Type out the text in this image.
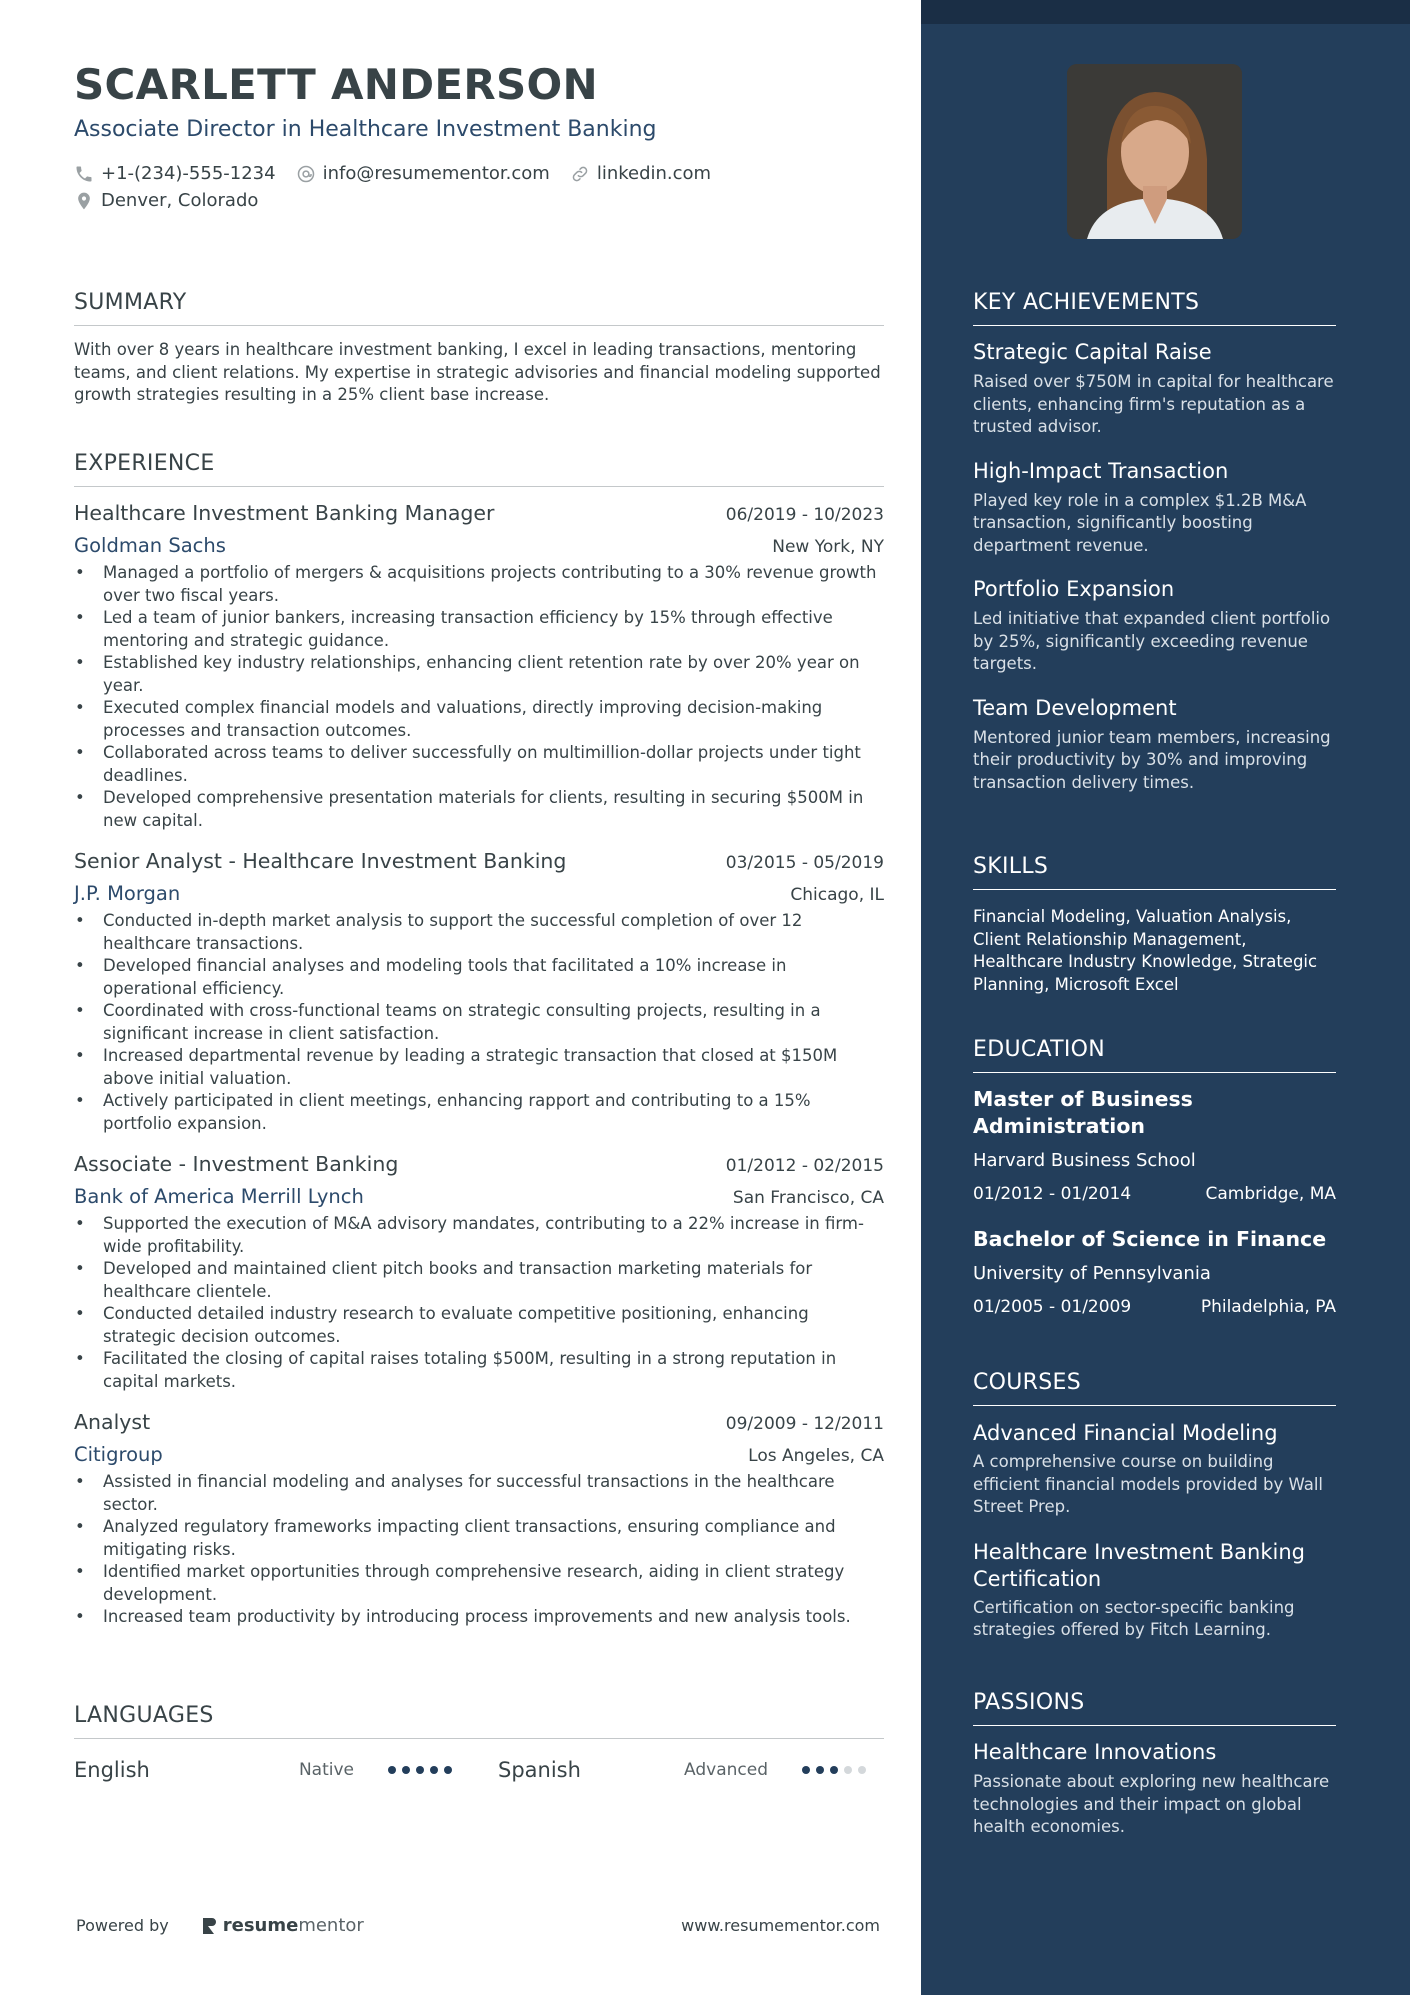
SCARLETT ANDERSON
Associate Director in Healthcare Investment Banking
+1-(234)-555-1234	info@resumementor.com	linkedin.com
Denver, Colorado
SUMMARY
With over 8 years in healthcare investment banking, I excel in leading transactions, mentoring teams, and client relations. My expertise in strategic advisories and financial modeling supported growth strategies resulting in a 25% client base increase.
EXPERIENCE
Healthcare Investment Banking Manager	06/2019 - 10/2023
Goldman Sachs	New York, NY
• Managed a portfolio of mergers & acquisitions projects contributing to a 30% revenue growth over two fiscal years.
• Led a team of junior bankers, increasing transaction efficiency by 15% through effective mentoring and strategic guidance.
• Established key industry relationships, enhancing client retention rate by over 20% year on year.
• Executed complex financial models and valuations, directly improving decision-making processes and transaction outcomes.
• Collaborated across teams to deliver successfully on multimillion-dollar projects under tight deadlines.
• Developed comprehensive presentation materials for clients, resulting in securing $500M in new capital.
Senior Analyst - Healthcare Investment Banking	03/2015 - 05/2019
J.P. Morgan	Chicago, IL
• Conducted in-depth market analysis to support the successful completion of over 12 healthcare transactions.
• Developed financial analyses and modeling tools that facilitated a 10% increase in operational efficiency.
• Coordinated with cross-functional teams on strategic consulting projects, resulting in a significant increase in client satisfaction.
• Increased departmental revenue by leading a strategic transaction that closed at $150M above initial valuation.
• Actively participated in client meetings, enhancing rapport and contributing to a 15% portfolio expansion.
Associate - Investment Banking	01/2012 - 02/2015
Bank of America Merrill Lynch	San Francisco, CA
• Supported the execution of M&A advisory mandates, contributing to a 22% increase in firm-wide profitability.
• Developed and maintained client pitch books and transaction marketing materials for healthcare clientele.
• Conducted detailed industry research to evaluate competitive positioning, enhancing strategic decision outcomes.
• Facilitated the closing of capital raises totaling $500M, resulting in a strong reputation in capital markets.
Analyst	09/2009 - 12/2011
Citigroup	Los Angeles, CA
• Assisted in financial modeling and analyses for successful transactions in the healthcare sector.
• Analyzed regulatory frameworks impacting client transactions, ensuring compliance and mitigating risks.
• Identified market opportunities through comprehensive research, aiding in client strategy development.
• Increased team productivity by introducing process improvements and new analysis tools.
LANGUAGES
English	Native	Spanish	Advanced
Powered by	resumementor	www.resumementor.com
KEY ACHIEVEMENTS
Strategic Capital Raise
Raised over $750M in capital for healthcare clients, enhancing firm's reputation as a trusted advisor.
High-Impact Transaction
Played key role in a complex $1.2B M&A transaction, significantly boosting department revenue.
Portfolio Expansion
Led initiative that expanded client portfolio by 25%, significantly exceeding revenue targets.
Team Development
Mentored junior team members, increasing their productivity by 30% and improving transaction delivery times.
SKILLS
Financial Modeling, Valuation Analysis, Client Relationship Management, Healthcare Industry Knowledge, Strategic Planning, Microsoft Excel
EDUCATION
Master of Business Administration
Harvard Business School
01/2012 - 01/2014	Cambridge, MA
Bachelor of Science in Finance
University of Pennsylvania
01/2005 - 01/2009	Philadelphia, PA
COURSES
Advanced Financial Modeling
A comprehensive course on building efficient financial models provided by Wall Street Prep.
Healthcare Investment Banking Certification
Certification on sector-specific banking strategies offered by Fitch Learning.
PASSIONS
Healthcare Innovations
Passionate about exploring new healthcare technologies and their impact on global health economies.
